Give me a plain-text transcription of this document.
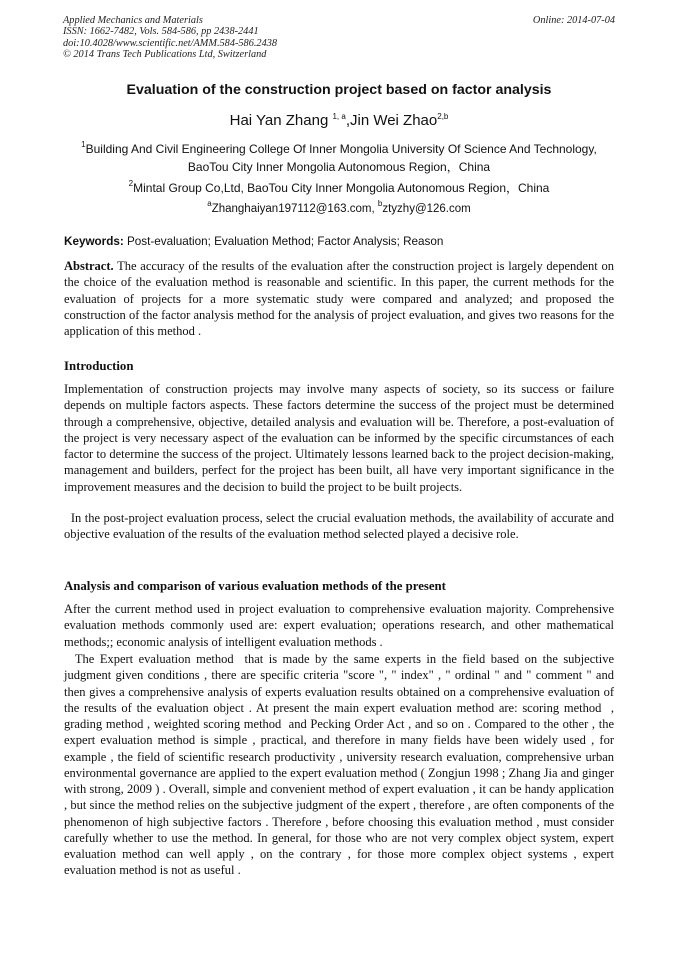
Applied Mechanics and Materials
ISSN: 1662-7482, Vols. 584-586, pp 2438-2441
doi:10.4028/www.scientific.net/AMM.584-586.2438
© 2014 Trans Tech Publications Ltd, Switzerland
Online: 2014-07-04
Evaluation of the construction project based on factor analysis
Hai Yan Zhang $^{1, a}$,Jin Wei Zhao$^{2,b}$
$^1$Building And Civil Engineering College Of Inner Mongolia University Of Science And Technology,
BaoTou City Inner Mongolia Autonomous Region，China
$^2$Mintal Group Co,Ltd, BaoTou City Inner Mongolia Autonomous Region，China
$^a$Zhanghaiyan197112@163.com, $^b$ztyzhy@126.com
Keywords: Post-evaluation; Evaluation Method; Factor Analysis; Reason
Abstract. The accuracy of the results of the evaluation after the construction project is largely dependent on the choice of the evaluation method is reasonable and scientific. In this paper, the current methods for the evaluation of projects for a more systematic study were compared and analyzed; and proposed the construction of the factor analysis method for the analysis of project evaluation, and gives two reasons for the application of this method .
Introduction
Implementation of construction projects may involve many aspects of society, so its success or failure depends on multiple factors aspects. These factors determine the success of the project must be determined through a comprehensive, objective, detailed analysis and evaluation will be. Therefore, a post-evaluation of the project is very necessary aspect of the evaluation can be informed by the specific circumstances of each factor to determine the success of the project. Ultimately lessons learned back to the project decision-making, management and builders, perfect for the project has been built, all have very important significance in the improvement measures and the decision to build the project to be built projects.
In the post-project evaluation process, select the crucial evaluation methods, the availability of accurate and objective evaluation of the results of the evaluation method selected played a decisive role.
Analysis and comparison of various evaluation methods of the present
After the current method used in project evaluation to comprehensive evaluation majority. Comprehensive evaluation methods commonly used are: expert evaluation; operations research, and other mathematical methods;; economic analysis of intelligent evaluation methods .
The Expert evaluation method  that is made by the same experts in the field based on the subjective judgment given conditions , there are specific criteria "score ", " index" , " ordinal " and " comment " and then gives a comprehensive analysis of experts evaluation results obtained on a comprehensive evaluation of the results of the evaluation object . At present the main expert evaluation method are: scoring method  , grading method , weighted scoring method  and Pecking Order Act , and so on . Compared to the other , the expert evaluation method is simple , practical, and therefore in many fields have been widely used , for example , the field of scientific research productivity , university research evaluation, comprehensive urban environmental governance are applied to the expert evaluation method ( Zongjun 1998 ; Zhang Jia and ginger with strong, 2009 ) . Overall, simple and convenient method of expert evaluation , it can be handy application , but since the method relies on the subjective judgment of the expert , therefore , are often components of the phenomenon of high subjective factors . Therefore , before choosing this evaluation method , must consider carefully whether to use the method. In general, for those who are not very complex object system, expert evaluation method can well apply , on the contrary , for those more complex object systems , expert evaluation method is not as useful .
